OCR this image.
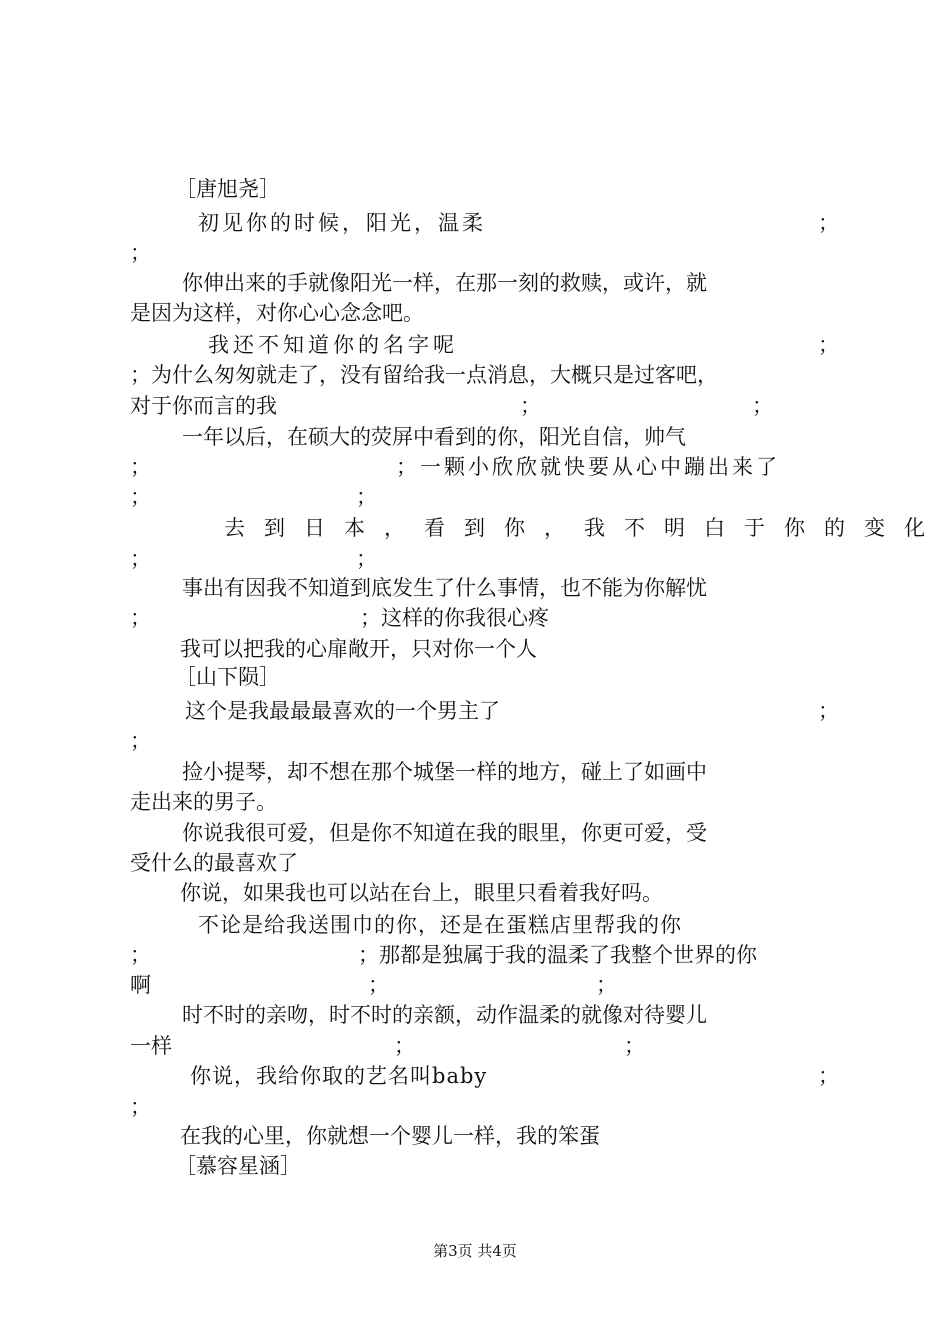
［唐旭尧］
初见你的时候，阳光，温柔	；
；
你伸出来的手就像阳光一样，在那一刻的救赎，或许，就
是因为这样，对你心心念念吧。
我还不知道你的名字呢	；
；为什么匆匆就走了，没有留给我一点消息，大概只是过客吧，
对于你而言的我	；	；
一年以后，在硕大的荧屏中看到的你，阳光自信，帅气
；	；一颗小欣欣就快要从心中蹦出来了
；	；
去到日本，看到你，我不明白于你的变化
；	；
事出有因我不知道到底发生了什么事情，也不能为你解忧
；	；这样的你我很心疼
我可以把我的心扉敞开，只对你一个人
［山下陨］
这个是我最最最喜欢的一个男主了	；
；
捡小提琴，却不想在那个城堡一样的地方，碰上了如画中
走出来的男子。
你说我很可爱，但是你不知道在我的眼里，你更可爱，受
受什么的最喜欢了
你说，如果我也可以站在台上，眼里只看着我好吗。
不论是给我送围巾的你，还是在蛋糕店里帮我的你
；	；那都是独属于我的温柔了我整个世界的你
啊	；	；
时不时的亲吻，时不时的亲额，动作温柔的就像对待婴儿
一样	；	；
你说，我给你取的艺名叫baby	；
；
在我的心里，你就想一个婴儿一样，我的笨蛋
［慕容星涵］
第3页 共4页
